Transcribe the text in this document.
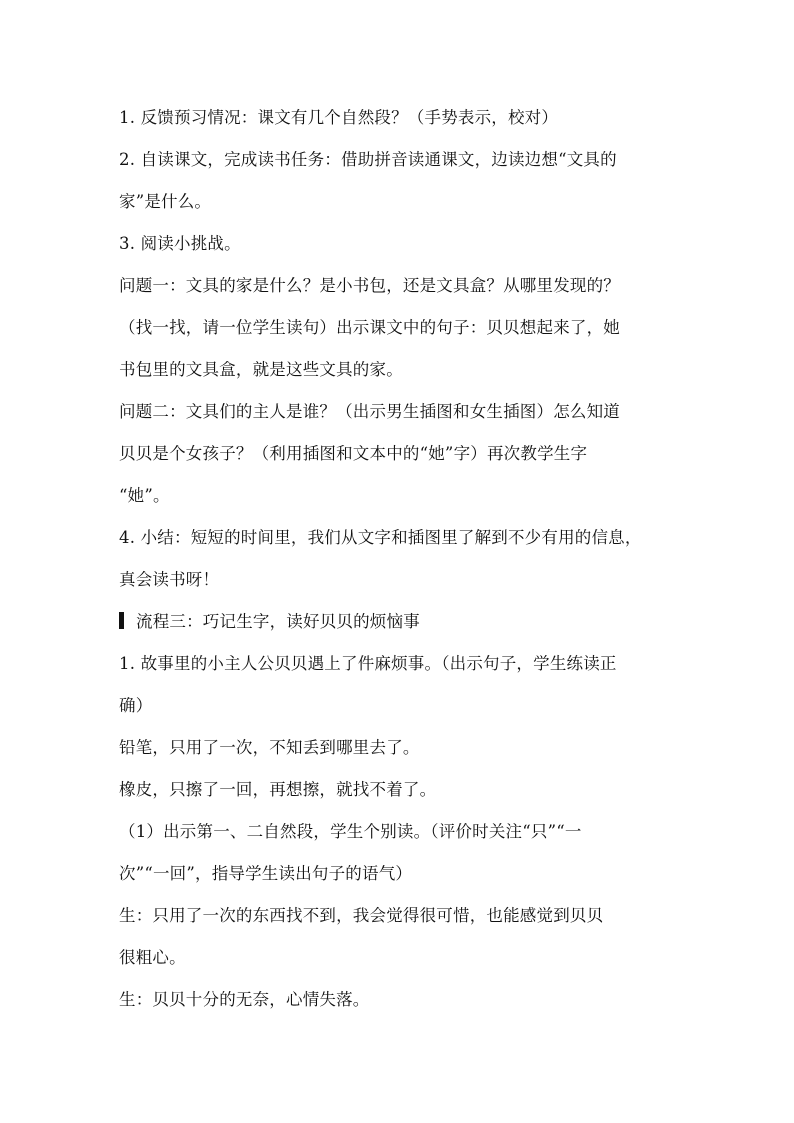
1. 反馈预习情况：课文有几个自然段？（手势表示，校对）
2. 自读课文，完成读书任务：借助拼音读通课文，边读边想“文具的
家”是什么。
3. 阅读小挑战。
问题一：文具的家是什么？是小书包，还是文具盒？从哪里发现的？
（找一找，请一位学生读句）出示课文中的句子：贝贝想起来了，她
书包里的文具盒，就是这些文具的家。
问题二：文具们的主人是谁？（出示男生插图和女生插图）怎么知道
贝贝是个女孩子？（利用插图和文本中的“她”字）再次教学生字
“她”。
4. 小结：短短的时间里，我们从文字和插图里了解到不少有用的信息，
真会读书呀！
流程三：巧记生字，读好贝贝的烦恼事
1. 故事里的小主人公贝贝遇上了件麻烦事。（出示句子，学生练读正
确）
铅笔，只用了一次，不知丢到哪里去了。
橡皮，只擦了一回，再想擦，就找不着了。
（1）出示第一、二自然段，学生个别读。（评价时关注“只”“一
次”“一回”，指导学生读出句子的语气）
生：只用了一次的东西找不到，我会觉得很可惜，也能感觉到贝贝
很粗心。
生：贝贝十分的无奈，心情失落。
